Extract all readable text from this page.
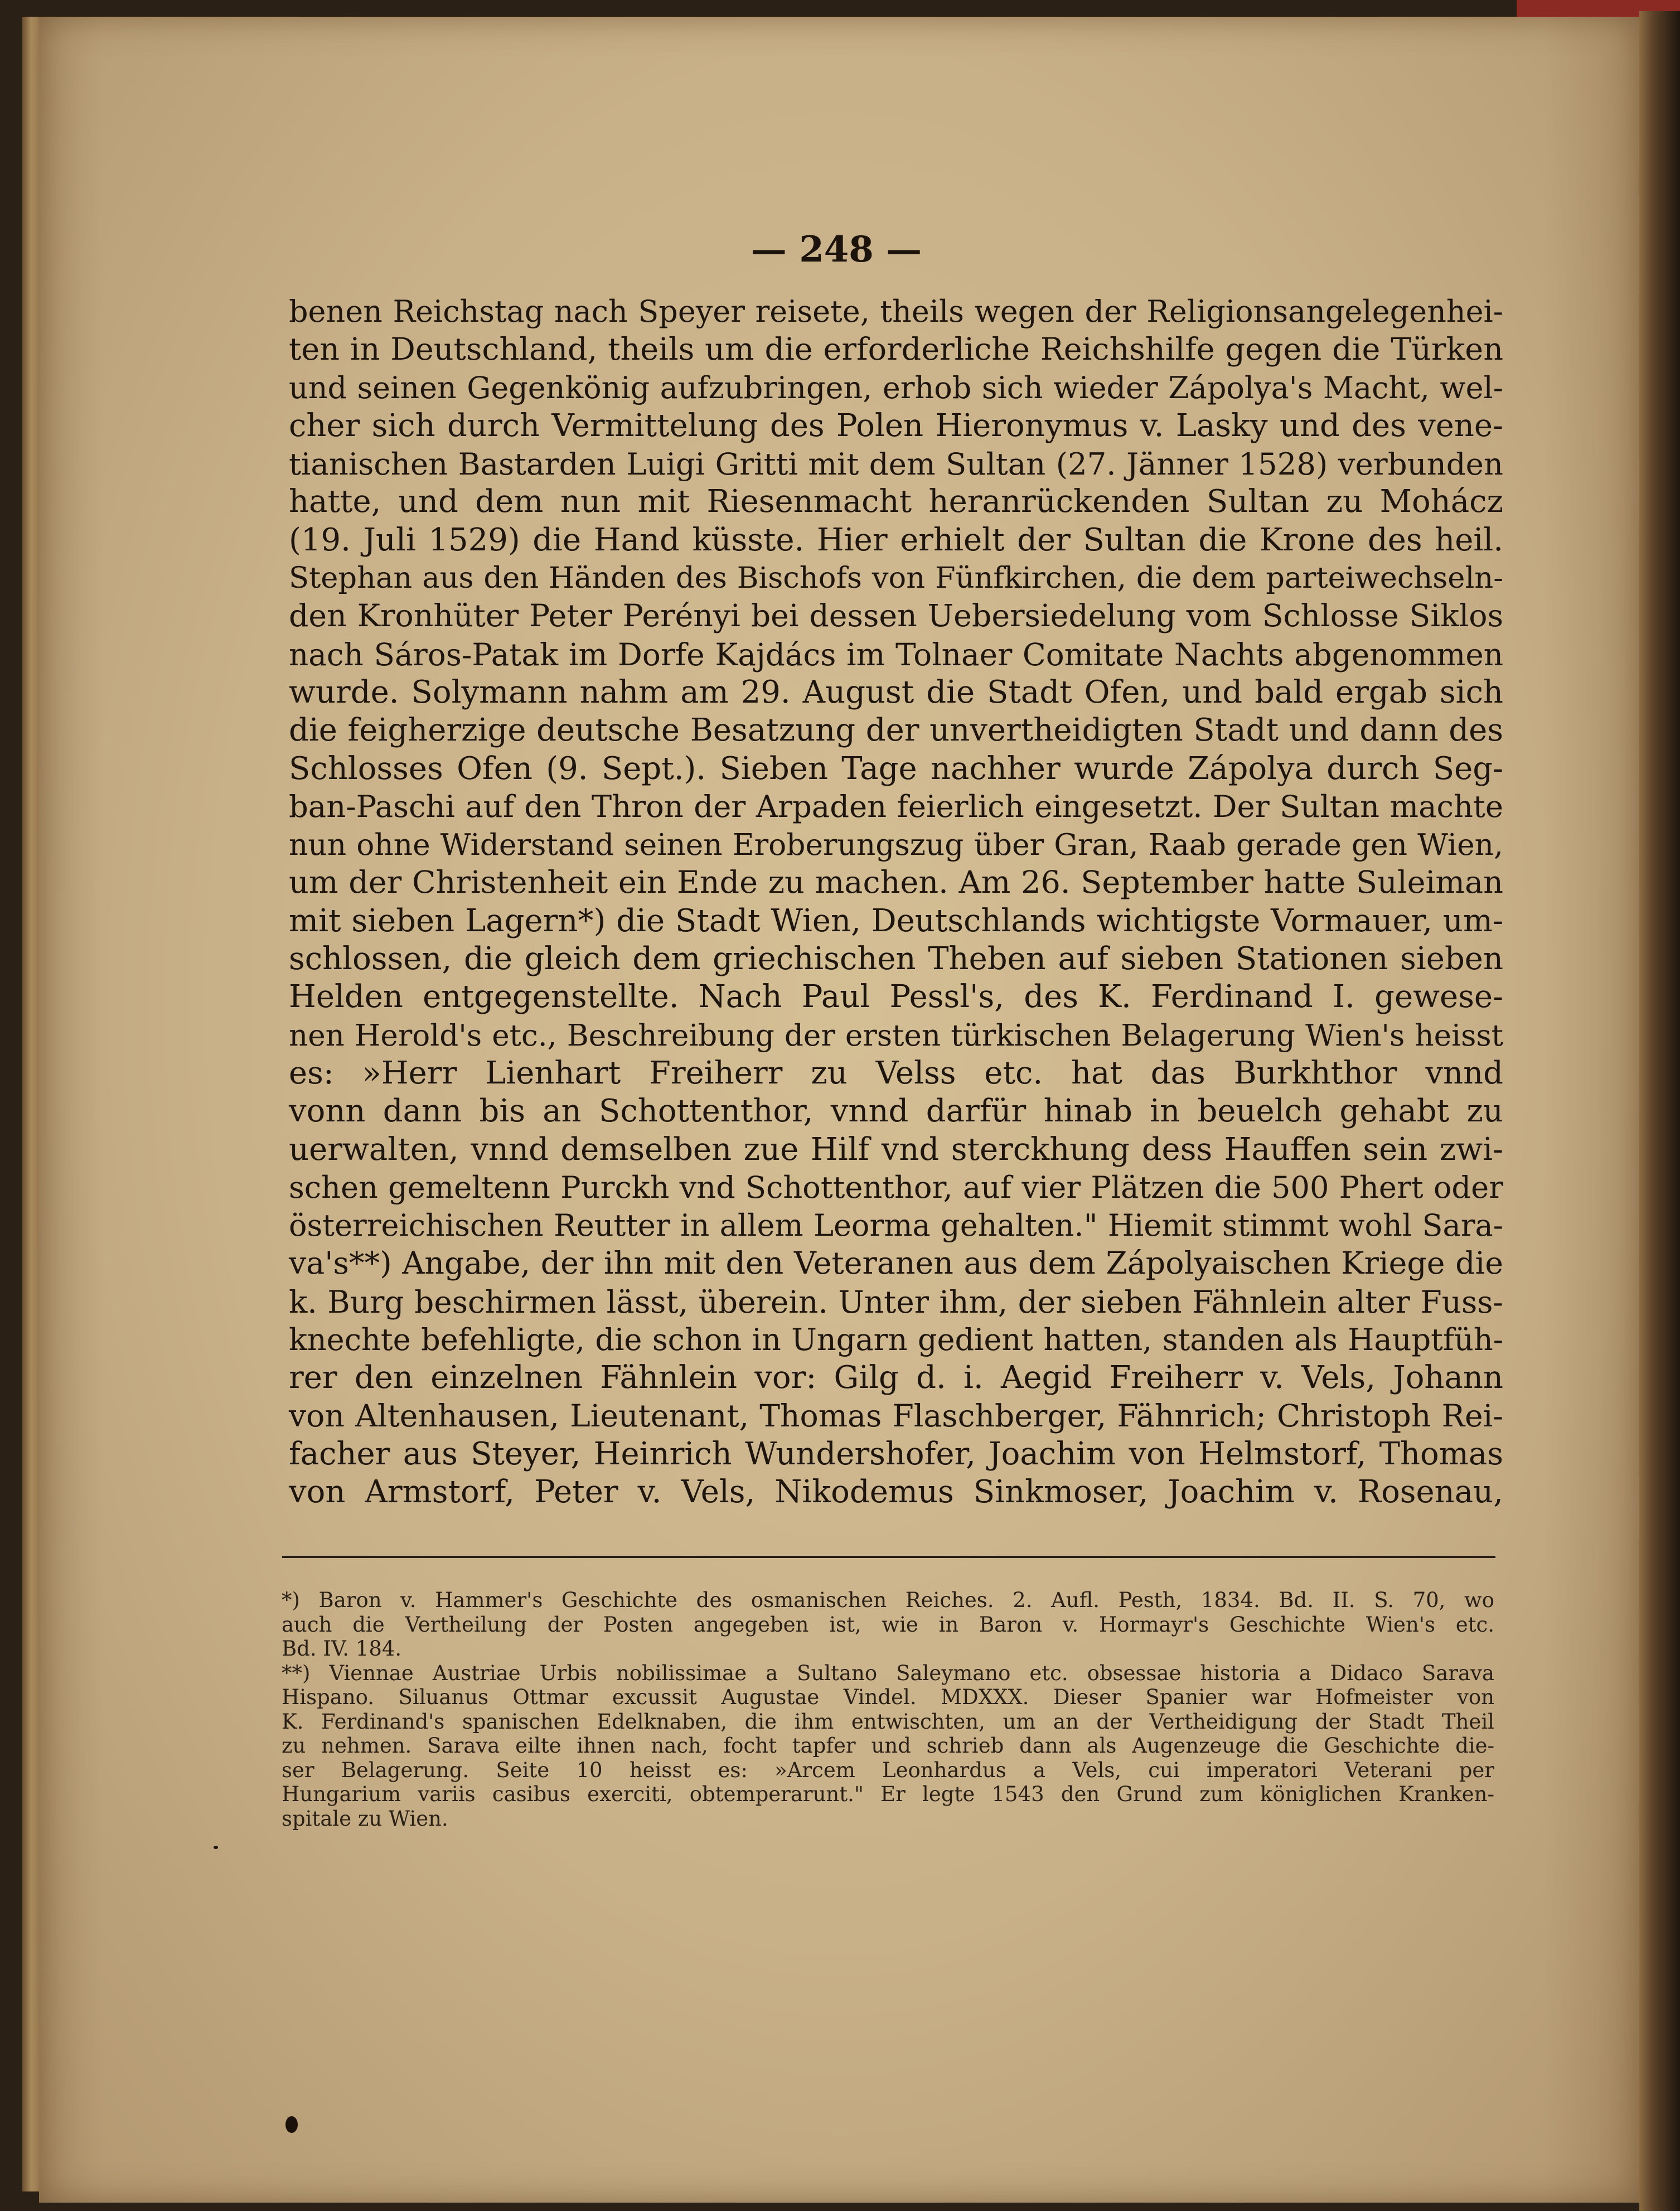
— 248 —
benen Reichstag nach Speyer reisete, theils wegen der Religionsangelegenhei-
ten in Deutschland, theils um die erforderliche Reichshilfe gegen die Türken
und seinen Gegenkönig aufzubringen, erhob sich wieder Zápolya's Macht, wel-
cher sich durch Vermittelung des Polen Hieronymus v. Lasky und des vene-
tianischen Bastarden Luigi Gritti mit dem Sultan (27. Jänner 1528) verbunden
hatte, und dem nun mit Riesenmacht heranrückenden Sultan zu Mohácz
(19. Juli 1529) die Hand küsste. Hier erhielt der Sultan die Krone des heil.
Stephan aus den Händen des Bischofs von Fünfkirchen, die dem parteiwechseln-
den Kronhüter Peter Perényi bei dessen Uebersiedelung vom Schlosse Siklos
nach Sáros-Patak im Dorfe Kajdács im Tolnaer Comitate Nachts abgenommen
wurde. Solymann nahm am 29. August die Stadt Ofen, und bald ergab sich
die feigherzige deutsche Besatzung der unvertheidigten Stadt und dann des
Schlosses Ofen (9. Sept.). Sieben Tage nachher wurde Zápolya durch Seg-
ban-Paschi auf den Thron der Arpaden feierlich eingesetzt. Der Sultan machte
nun ohne Widerstand seinen Eroberungszug über Gran, Raab gerade gen Wien,
um der Christenheit ein Ende zu machen. Am 26. September hatte Suleiman
mit sieben Lagern*) die Stadt Wien, Deutschlands wichtigste Vormauer, um-
schlossen, die gleich dem griechischen Theben auf sieben Stationen sieben
Helden entgegenstellte. Nach Paul Pessl's, des K. Ferdinand I. gewese-
nen Herold's etc., Beschreibung der ersten türkischen Belagerung Wien's heisst
es: »Herr Lienhart Freiherr zu Velss etc. hat das Burkhthor vnnd
vonn dann bis an Schottenthor, vnnd darfür hinab in beuelch gehabt zu
uerwalten, vnnd demselben zue Hilf vnd sterckhung dess Hauffen sein zwi-
schen gemeltenn Purckh vnd Schottenthor, auf vier Plätzen die 500 Phert oder
österreichischen Reutter in allem Leorma gehalten." Hiemit stimmt wohl Sara-
va's**) Angabe, der ihn mit den Veteranen aus dem Zápolyaischen Kriege die
k. Burg beschirmen lässt, überein. Unter ihm, der sieben Fähnlein alter Fuss-
knechte befehligte, die schon in Ungarn gedient hatten, standen als Hauptfüh-
rer den einzelnen Fähnlein vor: Gilg d. i. Aegid Freiherr v. Vels, Johann
von Altenhausen, Lieutenant, Thomas Flaschberger, Fähnrich; Christoph Rei-
facher aus Steyer, Heinrich Wundershofer, Joachim von Helmstorf, Thomas
von Armstorf, Peter v. Vels, Nikodemus Sinkmoser, Joachim v. Rosenau,
*) Baron v. Hammer's Geschichte des osmanischen Reiches. 2. Aufl. Pesth, 1834. Bd. II. S. 70, wo
auch die Vertheilung der Posten angegeben ist, wie in Baron v. Hormayr's Geschichte Wien's etc.
Bd. IV. 184.
**) Viennae Austriae Urbis nobilissimae a Sultano Saleymano etc. obsessae historia a Didaco Sarava
Hispano. Siluanus Ottmar excussit Augustae Vindel. MDXXX. Dieser Spanier war Hofmeister von
K. Ferdinand's spanischen Edelknaben, die ihm entwischten, um an der Vertheidigung der Stadt Theil
zu nehmen. Sarava eilte ihnen nach, focht tapfer und schrieb dann als Augenzeuge die Geschichte die-
ser Belagerung. Seite 10 heisst es: »Arcem Leonhardus a Vels, cui imperatori Veterani per
Hungarium variis casibus exerciti, obtemperarunt." Er legte 1543 den Grund zum königlichen Kranken-
spitale zu Wien.
